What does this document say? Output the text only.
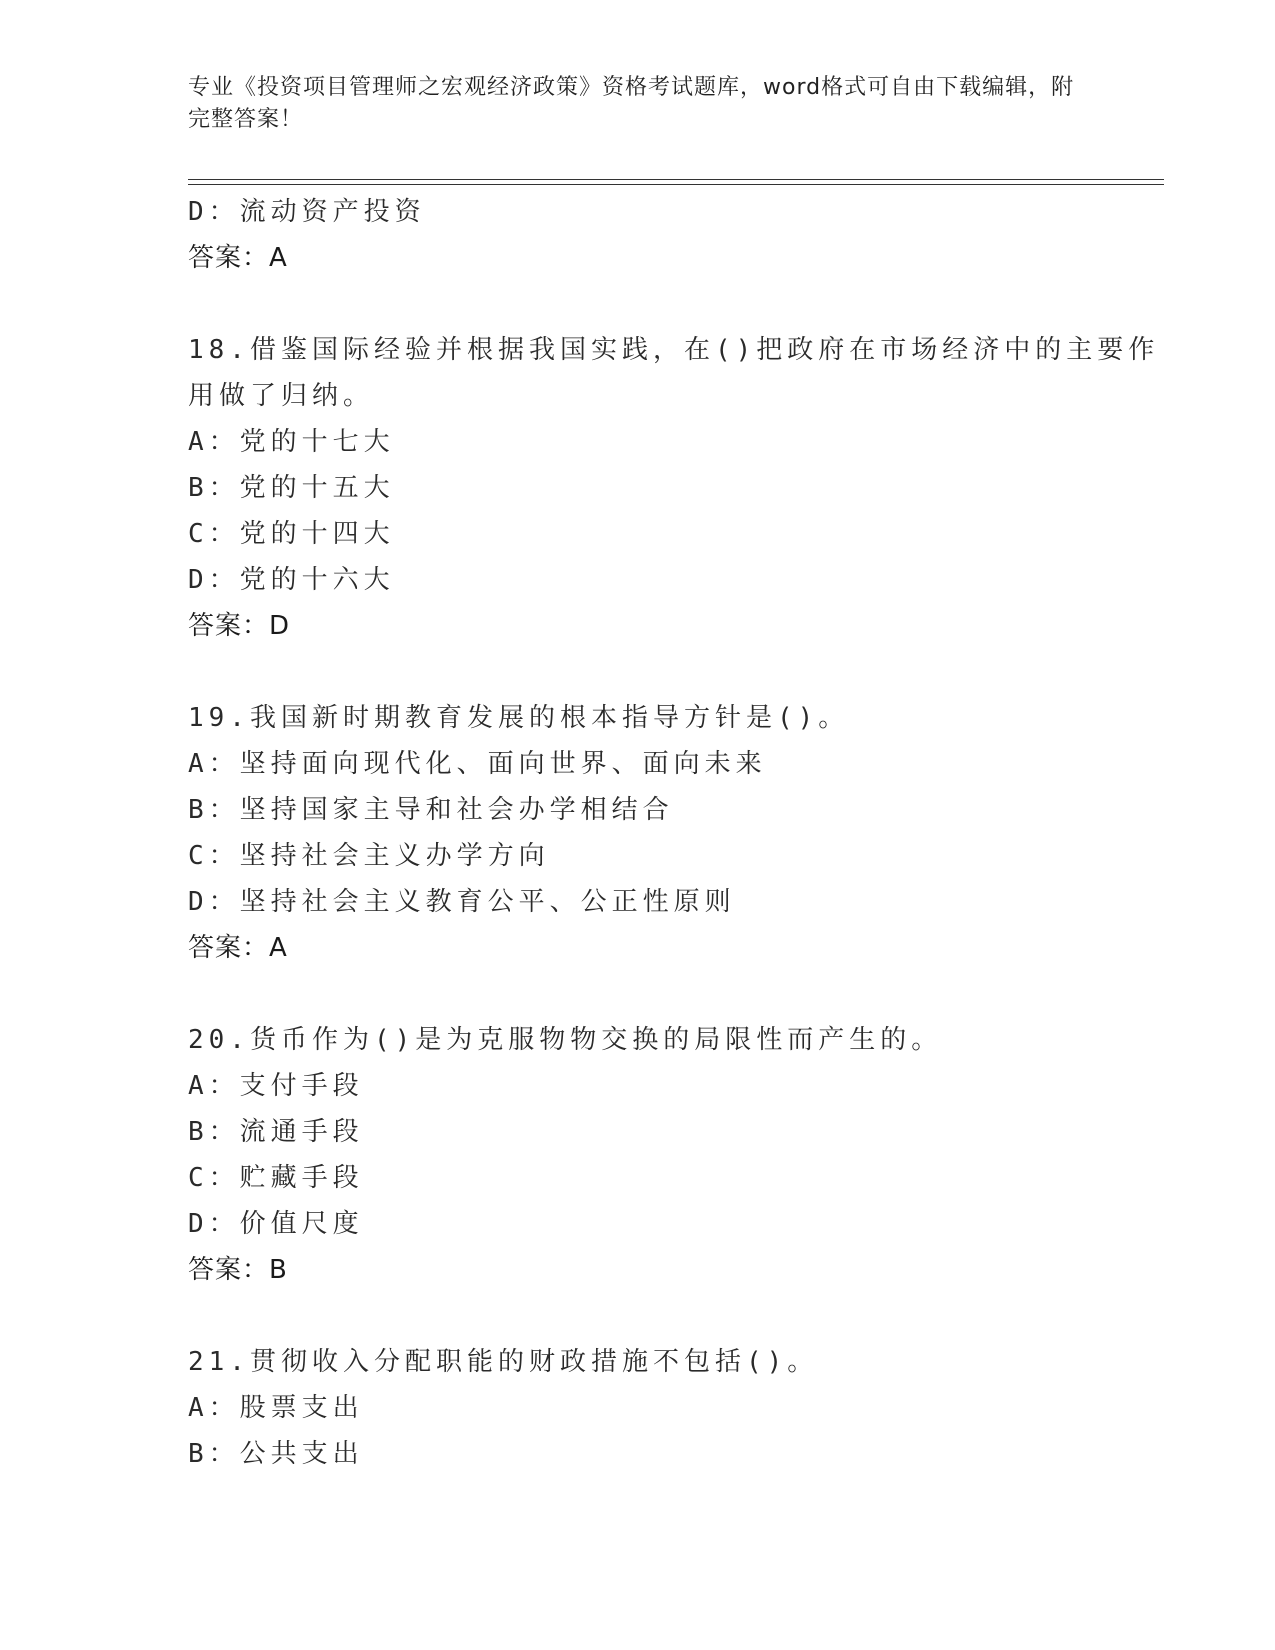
专业《投资项目管理师之宏观经济政策》资格考试题库，word格式可自由下载编辑，附完整答案！
D：流动资产投资
答案：A
18.借鉴国际经验并根据我国实践，在()把政府在市场经济中的主要作
用做了归纳。
A：党的十七大
B：党的十五大
C：党的十四大
D：党的十六大
答案：D
19.我国新时期教育发展的根本指导方针是()。
A：坚持面向现代化、面向世界、面向未来
B：坚持国家主导和社会办学相结合
C：坚持社会主义办学方向
D：坚持社会主义教育公平、公正性原则
答案：A
20.货币作为()是为克服物物交换的局限性而产生的。
A：支付手段
B：流通手段
C：贮藏手段
D：价值尺度
答案：B
21.贯彻收入分配职能的财政措施不包括()。
A：股票支出
B：公共支出
